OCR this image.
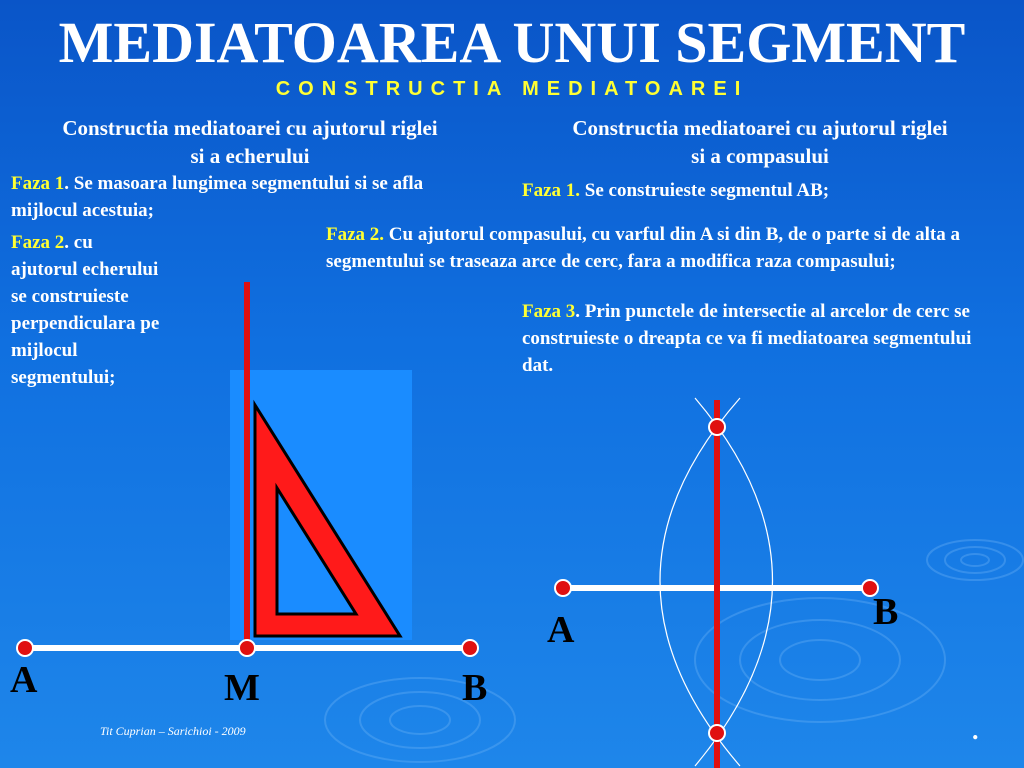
MEDIATOAREA UNUI SEGMENT
CONSTRUCTIA MEDIATOAREI
Constructia mediatoarei cu ajutorul riglei
si a echerului
Faza 1. Se masoara lungimea segmentului si se afla mijlocul acestuia;
Faza 2. cu ajutorul echerului se construieste perpendiculara pe mijlocul segmentului;
Constructia mediatoarei cu ajutorul riglei
si a compasului
Faza 1. Se construieste segmentul AB;
Faza 2. Cu ajutorul compasului, cu varful din A si din B, de o parte si de alta a segmentului se traseaza arce de cerc, fara a modifica raza compasului;
Faza 3. Prin punctele de intersectie al arcelor de cerc se construieste o dreapta ce va fi mediatoarea segmentului dat.
A	M	B
A	B
Tit Cuprian – Sarichioi - 2009	.
